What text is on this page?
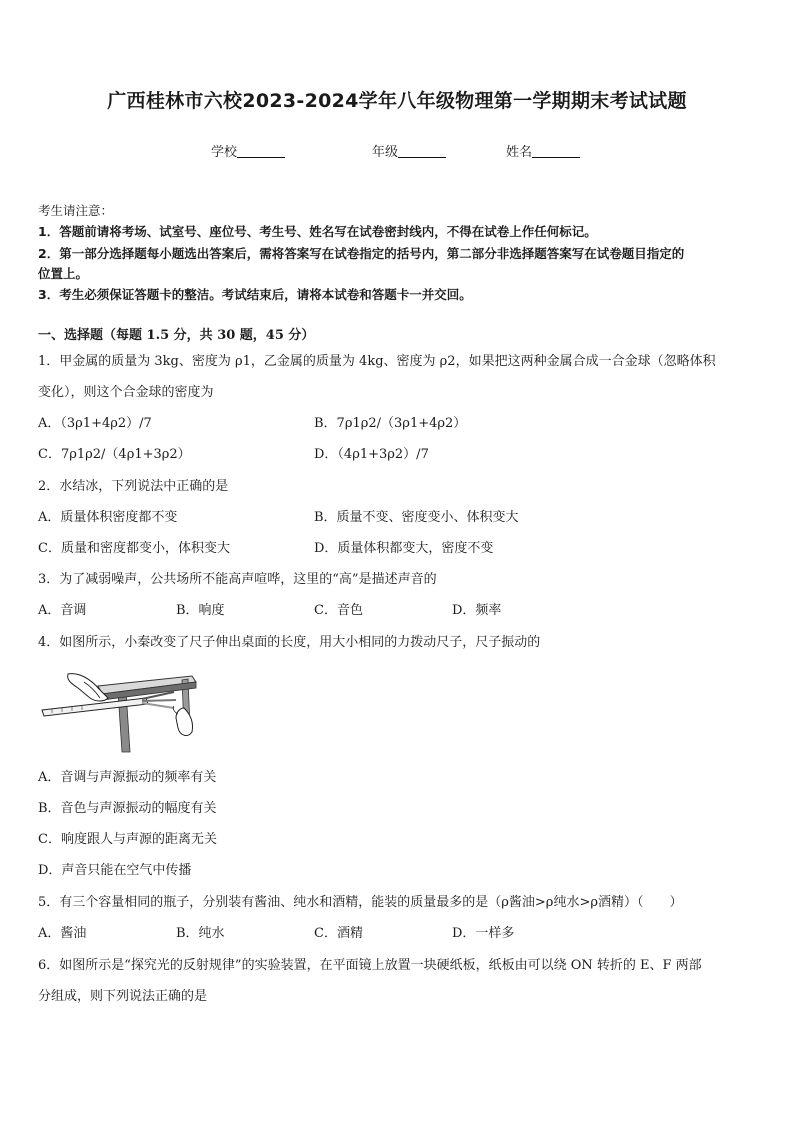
广西桂林市六校2023-2024学年八年级物理第一学期期末考试试题
学校	年级	姓名
考生请注意：
1．答题前请将考场、试室号、座位号、考生号、姓名写在试卷密封线内，不得在试卷上作任何标记。
2．第一部分选择题每小题选出答案后，需将答案写在试卷指定的括号内，第二部分非选择题答案写在试卷题目指定的
位置上。
3．考生必须保证答题卡的整洁。考试结束后，请将本试卷和答题卡一并交回。
一、选择题（每题 1.5 分，共 30 题，45 分）
1．甲金属的质量为 3kg、密度为 ρ1，乙金属的质量为 4kg、密度为 ρ2，如果把这两种金属合成一合金球（忽略体积
变化），则这个合金球的密度为
A．（3ρ1+4ρ2）/7	B．7ρ1ρ2/（3ρ1+4ρ2）
C．7ρ1ρ2/（4ρ1+3ρ2）	D．（4ρ1+3ρ2）/7
2．水结冰，下列说法中正确的是
A．质量体积密度都不变	B．质量不变、密度变小、体积变大
C．质量和密度都变小，体积变大	D．质量体积都变大，密度不变
3．为了减弱噪声，公共场所不能高声喧哗，这里的“高”是描述声音的
A．音调	B．响度	C．音色	D．频率
4．如图所示，小秦改变了尺子伸出桌面的长度，用大小相同的力拨动尺子，尺子振动的
A．音调与声源振动的频率有关
B．音色与声源振动的幅度有关
C．响度跟人与声源的距离无关
D．声音只能在空气中传播
5．有三个容量相同的瓶子，分别装有酱油、纯水和酒精，能装的质量最多的是（ρ酱油>ρ纯水>ρ酒精）（　　）
A．酱油	B．纯水	C．酒精	D．一样多
6．如图所示是“探究光的反射规律”的实验装置，在平面镜上放置一块硬纸板，纸板由可以绕 ON 转折的 E、F 两部
分组成，则下列说法正确的是
